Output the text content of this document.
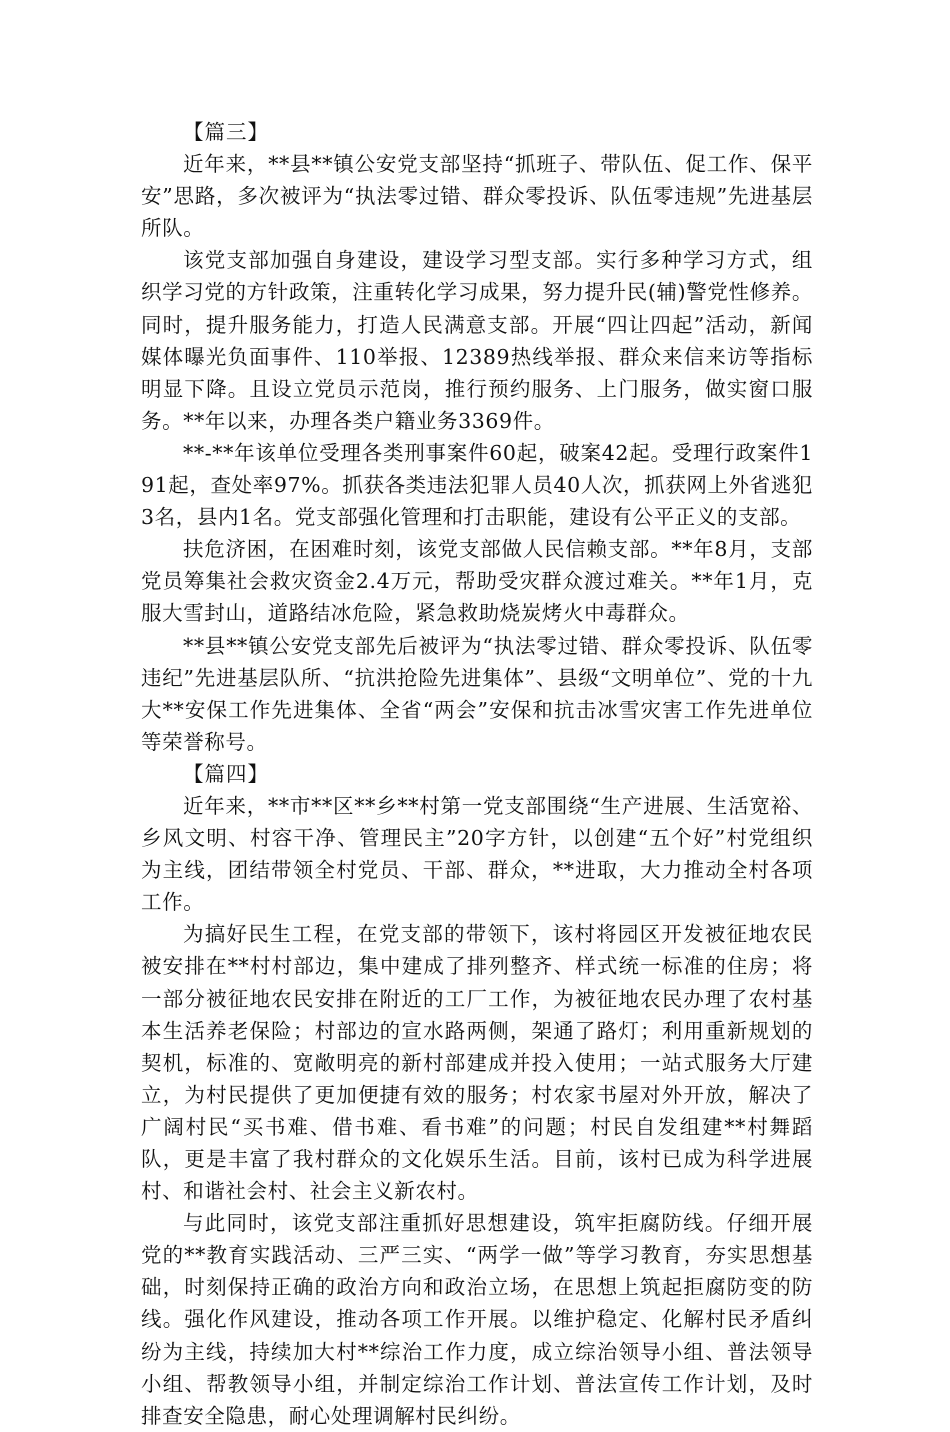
【篇三】

近年来，**县**镇公安党支部坚持“抓班子、带队伍、促工作、保平安”思路，多次被评为“执法零过错、群众零投诉、队伍零违规”先进基层所队。

该党支部加强自身建设，建设学习型支部。实行多种学习方式，组织学习党的方针政策，注重转化学习成果，努力提升民(辅)警党性修养。同时，提升服务能力，打造人民满意支部。开展“四让四起”活动，新闻媒体曝光负面事件、110举报、12389热线举报、群众来信来访等指标明显下降。且设立党员示范岗，推行预约服务、上门服务，做实窗口服务。**年以来，办理各类户籍业务3369件。

**-**年该单位受理各类刑事案件60起，破案42起。受理行政案件191起，查处率97%。抓获各类违法犯罪人员40人次，抓获网上外省逃犯3名，县内1名。党支部强化管理和打击职能，建设有公平正义的支部。

扶危济困，在困难时刻，该党支部做人民信赖支部。**年8月，支部党员筹集社会救灾资金2.4万元，帮助受灾群众渡过难关。**年1月，克服大雪封山，道路结冰危险，紧急救助烧炭烤火中毒群众。

**县**镇公安党支部先后被评为“执法零过错、群众零投诉、队伍零违纪”先进基层队所、“抗洪抢险先进集体”、县级“文明单位”、党的十九大**安保工作先进集体、全省“两会”安保和抗击冰雪灾害工作先进单位等荣誉称号。

【篇四】

近年来，**市**区**乡**村第一党支部围绕“生产进展、生活宽裕、乡风文明、村容干净、管理民主”20字方针，以创建“五个好”村党组织为主线，团结带领全村党员、干部、群众，**进取，大力推动全村各项工作。

为搞好民生工程，在党支部的带领下，该村将园区开发被征地农民被安排在**村村部边，集中建成了排列整齐、样式统一标准的住房；将一部分被征地农民安排在附近的工厂工作，为被征地农民办理了农村基本生活养老保险；村部边的宣水路两侧，架通了路灯；利用重新规划的契机，标准的、宽敞明亮的新村部建成并投入使用；一站式服务大厅建立，为村民提供了更加便捷有效的服务；村农家书屋对外开放，解决了广阔村民“买书难、借书难、看书难”的问题；村民自发组建**村舞蹈队，更是丰富了我村群众的文化娱乐生活。目前，该村已成为科学进展村、和谐社会村、社会主义新农村。

与此同时，该党支部注重抓好思想建设，筑牢拒腐防线。仔细开展党的**教育实践活动、三严三实、“两学一做”等学习教育，夯实思想基础，时刻保持正确的政治方向和政治立场，在思想上筑起拒腐防变的防线。强化作风建设，推动各项工作开展。以维护稳定、化解村民矛盾纠纷为主线，持续加大村**综治工作力度，成立综治领导小组、普法领导小组、帮教领导小组，并制定综治工作计划、普法宣传工作计划，及时排查安全隐患，耐心处理调解村民纠纷。
